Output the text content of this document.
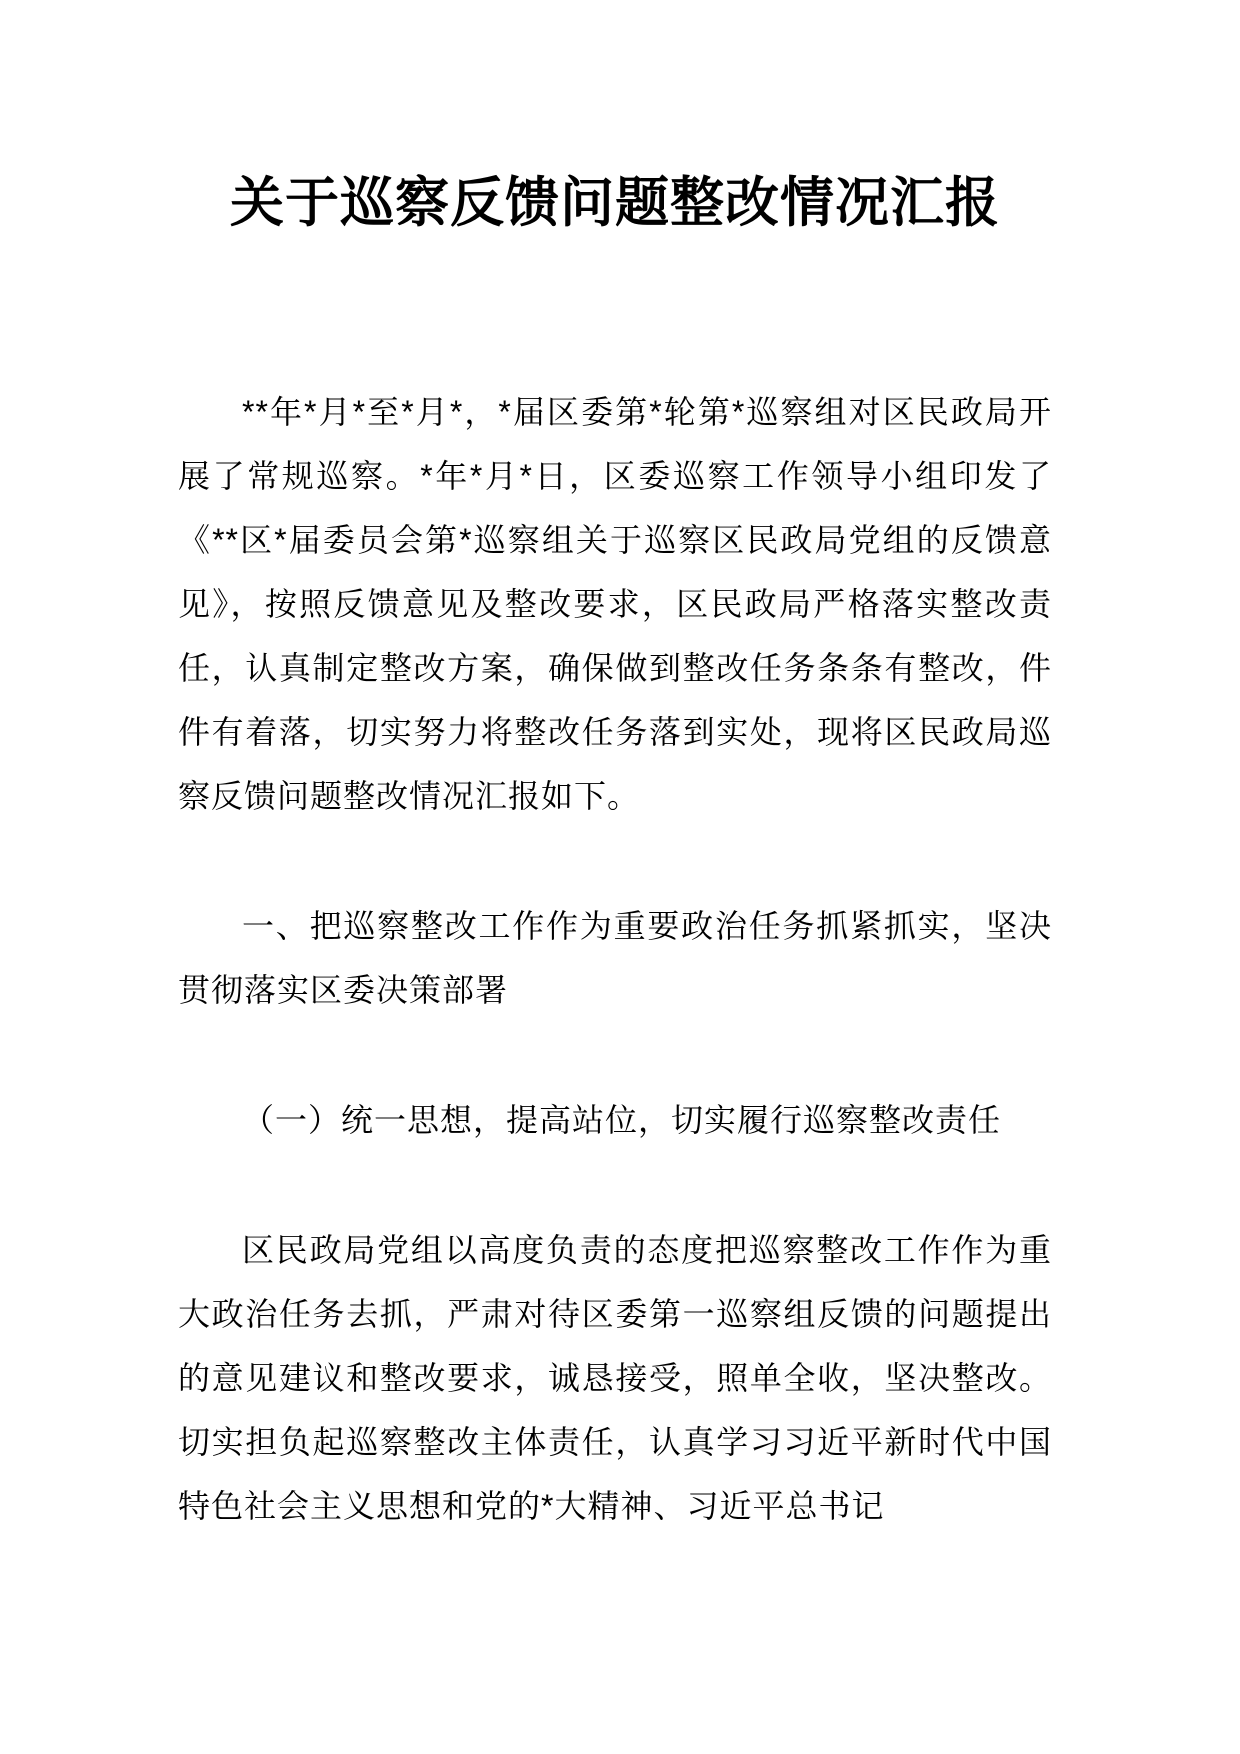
关于巡察反馈问题整改情况汇报

**年*月*至*月*，*届区委第*轮第*巡察组对区民政局开展了常规巡察。*年*月*日，区委巡察工作领导小组印发了《**区*届委员会第*巡察组关于巡察区民政局党组的反馈意见》，按照反馈意见及整改要求，区民政局严格落实整改责任，认真制定整改方案，确保做到整改任务条条有整改，件件有着落，切实努力将整改任务落到实处，现将区民政局巡察反馈问题整改情况汇报如下。

一、把巡察整改工作作为重要政治任务抓紧抓实，坚决贯彻落实区委决策部署

（一）统一思想，提高站位，切实履行巡察整改责任

区民政局党组以高度负责的态度把巡察整改工作作为重大政治任务去抓，严肃对待区委第一巡察组反馈的问题提出的意见建议和整改要求，诚恳接受，照单全收，坚决整改。切实担负起巡察整改主体责任，认真学习习近平新时代中国特色社会主义思想和党的*大精神、习近平总书记
